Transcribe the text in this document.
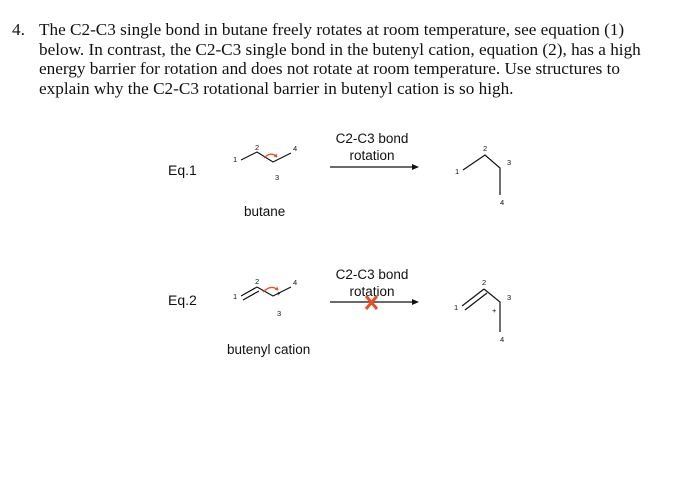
4. The C2-C3 single bond in butane freely rotates at room temperature, see equation (1)
below. In contrast, the C2-C3 single bond in the butenyl cation, equation (2), has a high
energy barrier for rotation and does not rotate at room temperature. Use structures to
explain why the C2-C3 rotational barrier in butenyl cation is so high.
Eq.1
1
2
3
4
C2-C3 bond
rotation
1
2
3
4
butane
Eq.2	+
1
2
3
4
C2-C3 bond
rotation
+
1
2
3
4
butenyl cation
